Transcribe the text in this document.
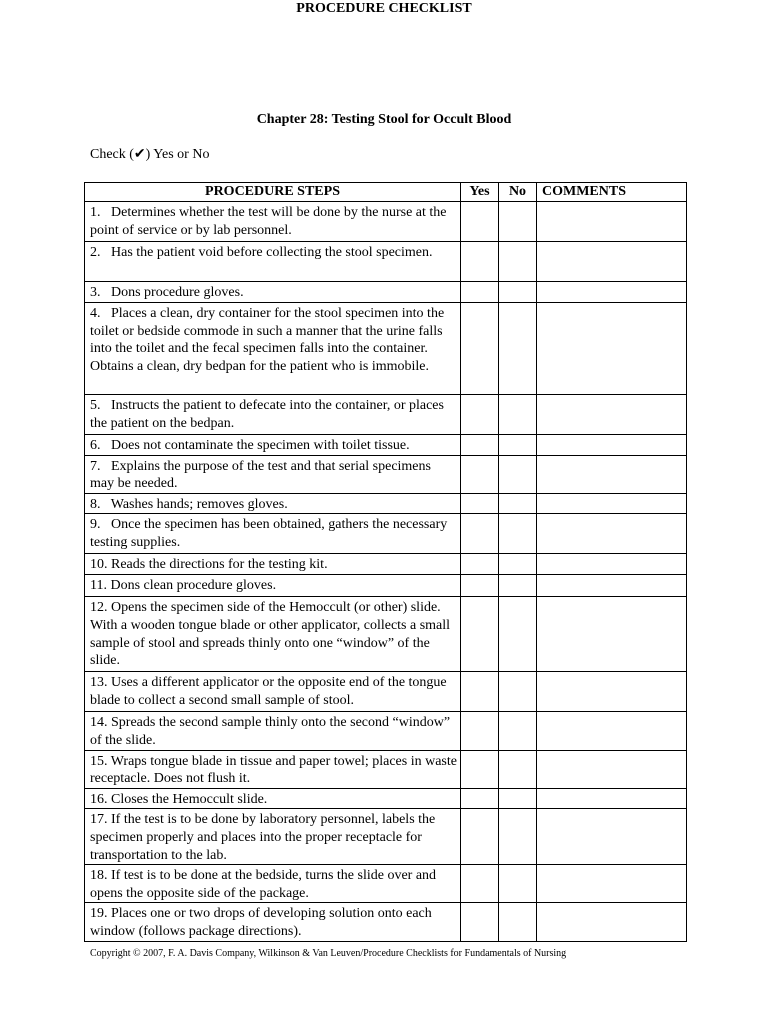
PROCEDURE CHECKLIST
Chapter 28: Testing Stool for Occult Blood
Check (✔) Yes or No
PROCEDURE STEPS	Yes	No	COMMENTS
1.   Determines whether the test will be done by the nurse at the point of service or by lab personnel.			
2.   Has the patient void before collecting the stool specimen.			
3.   Dons procedure gloves.			
4.   Places a clean, dry container for the stool specimen into the toilet or bedside commode in such a manner that the urine falls into the toilet and the fecal specimen falls into the container. Obtains a clean, dry bedpan for the patient who is immobile.			
5.   Instructs the patient to defecate into the container, or places the patient on the bedpan.			
6.   Does not contaminate the specimen with toilet tissue.			
7.   Explains the purpose of the test and that serial specimens may be needed.			
8.   Washes hands; removes gloves.			
9.   Once the specimen has been obtained, gathers the necessary testing supplies.			
10. Reads the directions for the testing kit.			
11. Dons clean procedure gloves.			
12. Opens the specimen side of the Hemoccult (or other) slide. With a wooden tongue blade or other applicator, collects a small sample of stool and spreads thinly onto one “window” of the slide.			
13. Uses a different applicator or the opposite end of the tongue blade to collect a second small sample of stool.			
14. Spreads the second sample thinly onto the second “window” of the slide.			
15. Wraps tongue blade in tissue and paper towel; places in waste receptacle. Does not flush it.			
16. Closes the Hemoccult slide.			
17. If the test is to be done by laboratory personnel, labels the specimen properly and places into the proper receptacle for transportation to the lab.			
18. If test is to be done at the bedside, turns the slide over and opens the opposite side of the package.			
19. Places one or two drops of developing solution onto each window (follows package directions).			
Copyright © 2007, F. A. Davis Company, Wilkinson & Van Leuven/Procedure Checklists for Fundamentals of Nursing
